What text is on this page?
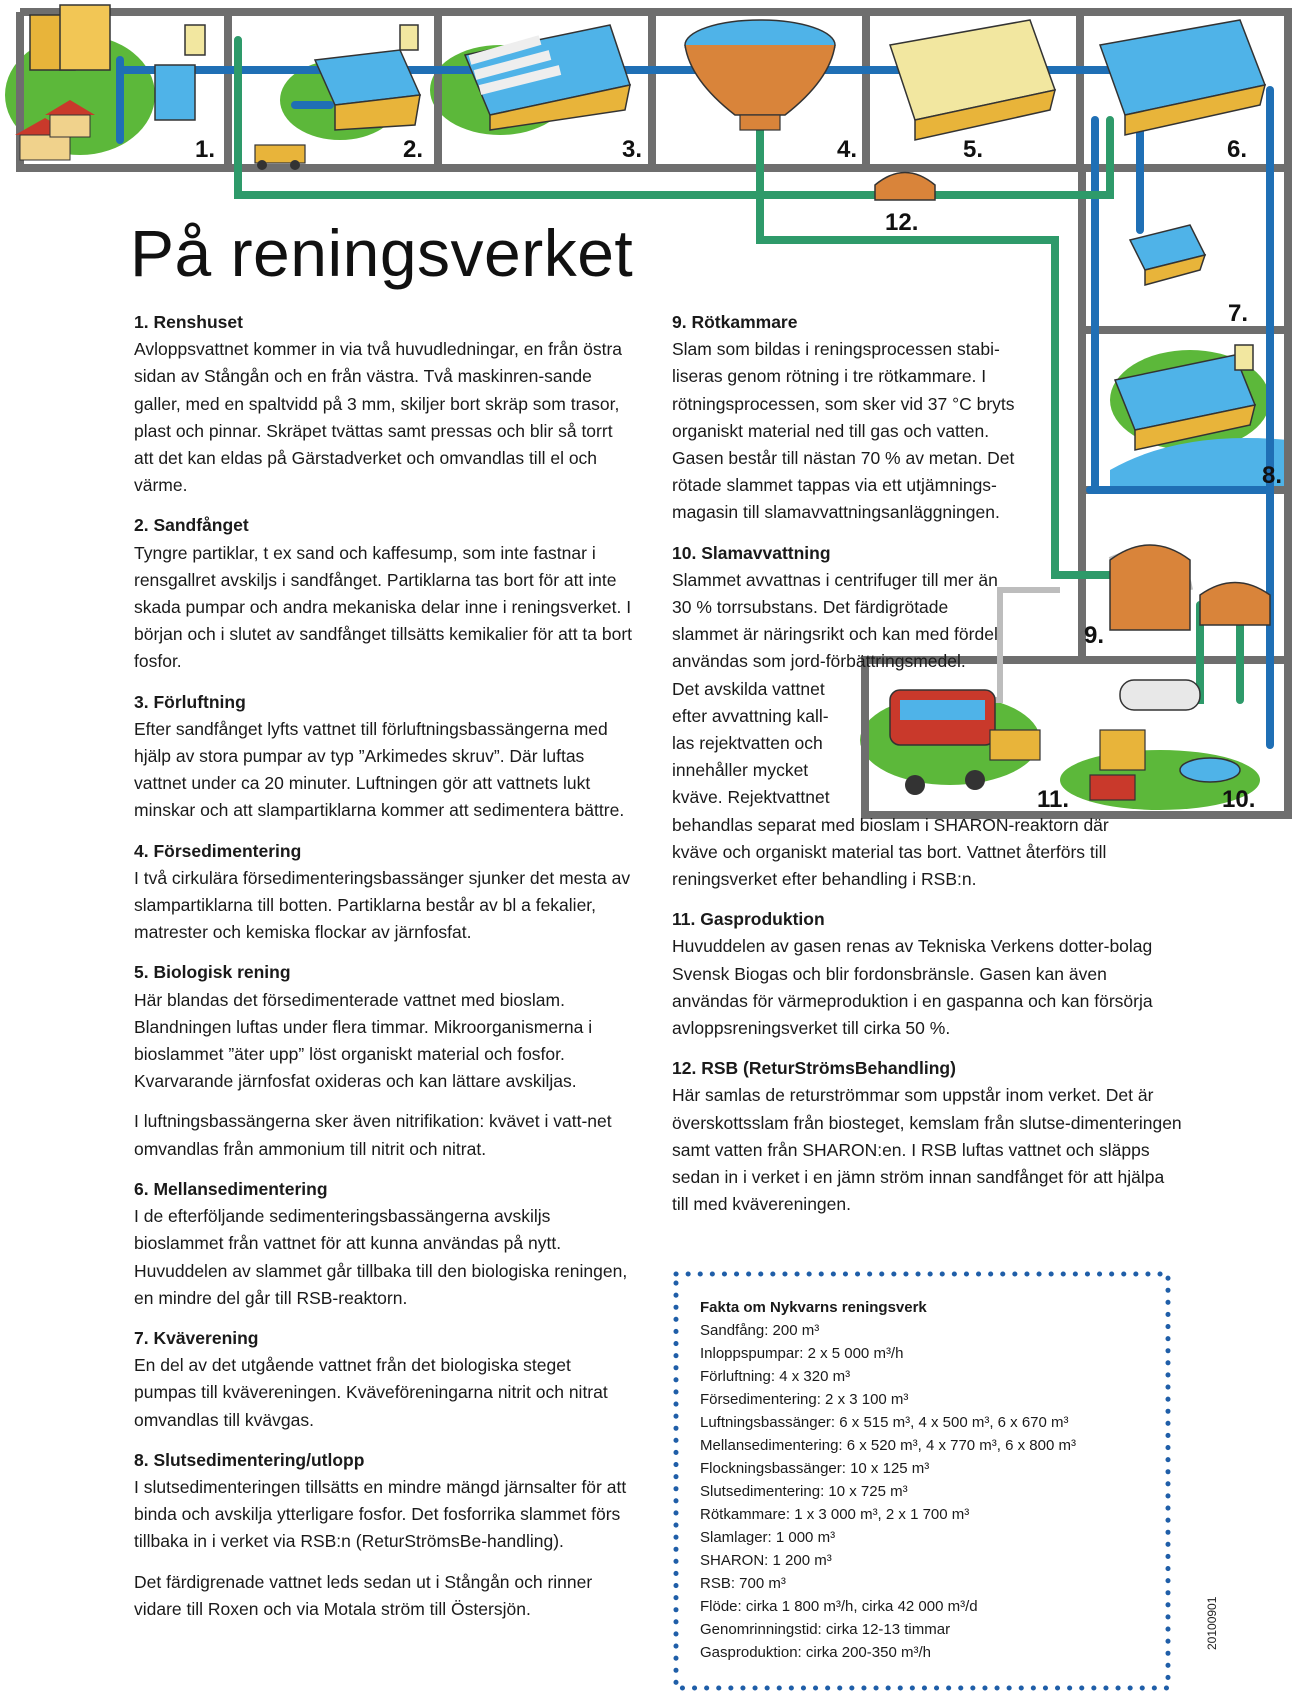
1.	2.	3.	4.	5.	6.
7.
8.
9.
10.
11.
12.
På reningsverket
1. Renshuset

Avloppsvattnet kommer in via två huvudledningar, en från östra sidan av Stångån och en från västra. Två maskinren-sande galler, med en spaltvidd på 3 mm, skiljer bort skräp som trasor, plast och pinnar. Skräpet tvättas samt pressas och blir så torrt att det kan eldas på Gärstadverket och omvandlas till el och värme.

2. Sandfånget

Tyngre partiklar, t ex sand och kaffesump, som inte fastnar i rensgallret avskiljs i sandfånget. Partiklarna tas bort för att inte skada pumpar och andra mekaniska delar inne i reningsverket. I början och i slutet av sandfånget tillsätts kemikalier för att ta bort fosfor.

3. Förluftning

Efter sandfånget lyfts vattnet till förluftningsbassängerna med hjälp av stora pumpar av typ ”Arkimedes skruv”. Där luftas vattnet under ca 20 minuter. Luftningen gör att vattnets lukt minskar och att slampartiklarna kommer att sedimentera bättre.

4. Försedimentering

I två cirkulära försedimenteringsbassänger sjunker det mesta av slampartiklarna till botten. Partiklarna består av bl a fekalier, matrester och kemiska flockar av järnfosfat.

5. Biologisk rening

Här blandas det försedimenterade vattnet med bioslam. Blandningen luftas under flera timmar. Mikroorganismerna i bioslammet ”äter upp” löst organiskt material och fosfor. Kvarvarande järnfosfat oxideras och kan lättare avskiljas.

I luftningsbassängerna sker även nitrifikation: kvävet i vatt-net omvandlas från ammonium till nitrit och nitrat.

6. Mellansedimentering

I de efterföljande sedimenteringsbassängerna avskiljs bioslammet från vattnet för att kunna användas på nytt. Huvuddelen av slammet går tillbaka till den biologiska reningen, en mindre del går till RSB-reaktorn.

7. Kväverening

En del av det utgående vattnet från det biologiska steget pumpas till kvävereningen. Kväveföreningarna nitrit och nitrat omvandlas till kvävgas.

8. Slutsedimentering/utlopp

I slutsedimenteringen tillsätts en mindre mängd järnsalter för att binda och avskilja ytterligare fosfor. Det fosforrika slammet förs tillbaka in i verket via RSB:n (ReturStrömsBe-handling).

Det färdigrenade vattnet leds sedan ut i Stångån och rinner vidare till Roxen och via Motala ström till Östersjön.

9. Rötkammare

Slam som bildas i reningsprocessen stabi-liseras genom rötning i tre rötkammare. I rötningsprocessen, som sker vid 37 °C bryts organiskt material ned till gas och vatten. Gasen består till nästan 70 % av metan. Det rötade slammet tappas via ett utjämnings-magasin till slamavvattningsanläggningen.

10. Slamavvattning

Slammet avvattnas i centrifuger till mer än 30 % torrsubstans. Det färdigrötade slammet är näringsrikt och kan med fördel användas som jord-förbättringsmedel.

Det avskilda vattnet efter avvattning kall-las rejektvatten och innehåller mycket kväve. Rejektvattnet

behandlas separat med bioslam i SHARON-reaktorn där kväve och organiskt material tas bort. Vattnet återförs till reningsverket efter behandling i RSB:n.

11. Gasproduktion

Huvuddelen av gasen renas av Tekniska Verkens dotter-bolag Svensk Biogas och blir fordonsbränsle. Gasen kan även användas för värmeproduktion i en gaspanna och kan försörja avloppsreningsverket till cirka 50 %.

12. RSB (ReturStrömsBehandling)

Här samlas de returströmmar som uppstår inom verket. Det är överskottsslam från biosteget, kemslam från slutse-dimenteringen samt vatten från SHARON:en. I RSB luftas vattnet och släpps sedan in i verket i en jämn ström innan sandfånget för att hjälpa till med kvävereningen.

Fakta om Nykvarns reningsverk
Sandfång: 200 m³
Inloppspumpar: 2 x 5 000 m³/h
Förluftning: 4 x 320 m³
Försedimentering: 2 x 3 100 m³
Luftningsbassänger: 6 x 515 m³, 4 x 500 m³, 6 x 670 m³
Mellansedimentering: 6 x 520 m³, 4 x 770 m³, 6 x 800 m³
Flockningsbassänger: 10 x 125 m³
Slutsedimentering: 10 x 725 m³
Rötkammare: 1 x 3 000 m³, 2 x 1 700 m³
Slamlager: 1 000 m³
SHARON: 1 200 m³
RSB: 700 m³
Flöde: cirka 1 800 m³/h, cirka 42 000 m³/d
Genomrinningstid: cirka 12-13 timmar
Gasproduktion: cirka 200-350 m³/h
20100901
